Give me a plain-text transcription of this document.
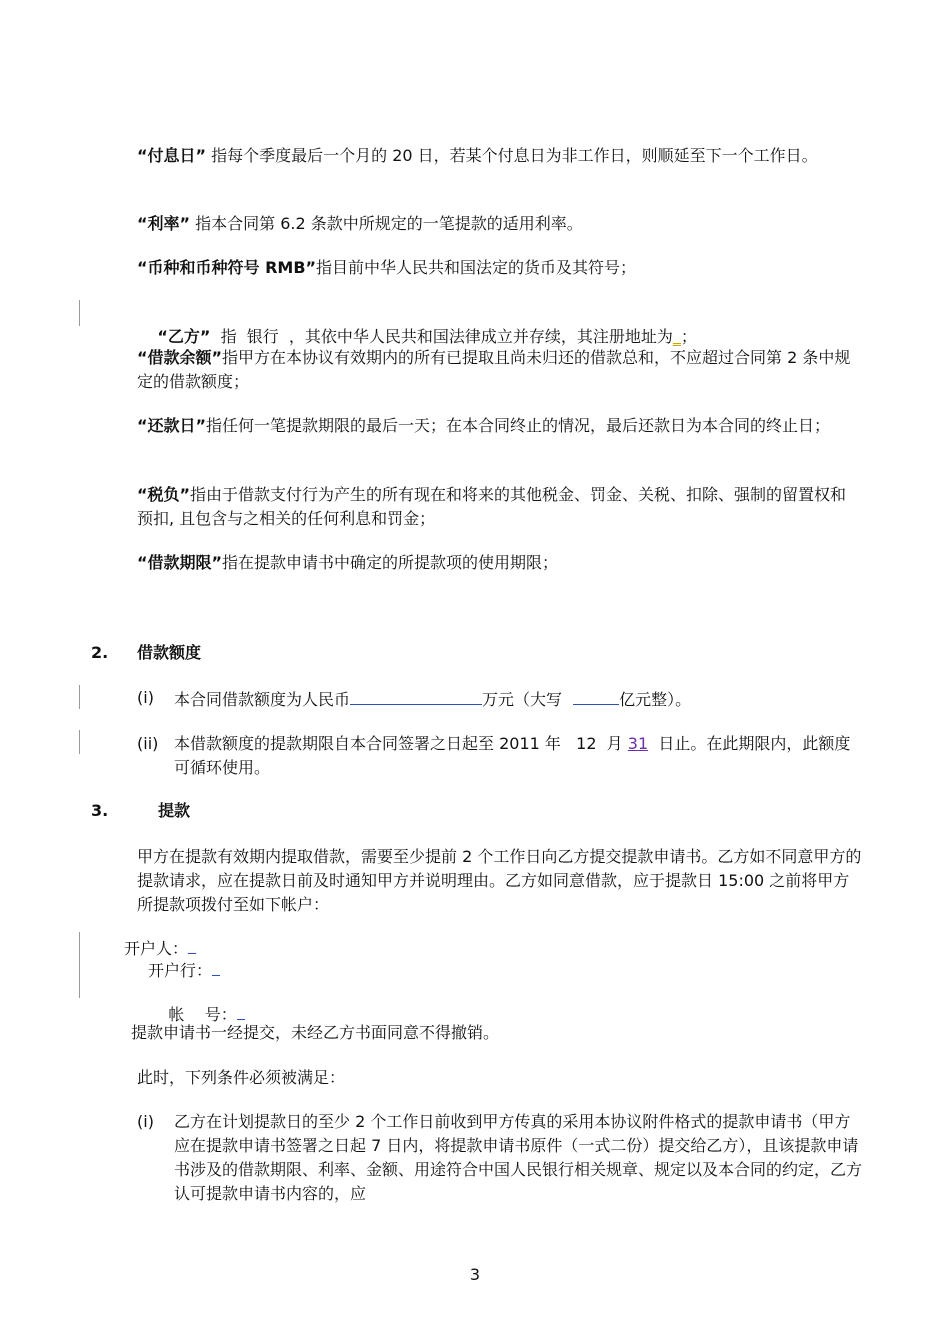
“付息日” 指每个季度最后一个月的 20 日，若某个付息日为非工作日，则顺延至下一个工作日。

“利率” 指本合同第 6.2 条款中所规定的一笔提款的适用利率。

“币种和币种符号 RMB”指目前中华人民共和国法定的货币及其符号；

“乙方”  指  银行  ，其依中华人民共和国法律成立并存续，其注册地址为_；

“借款余额”指甲方在本协议有效期内的所有已提取且尚未归还的借款总和，不应超过合同第 2 条中规定的借款额度；

“还款日”指任何一笔提款期限的最后一天；在本合同终止的情况，最后还款日为本合同的终止日；

“税负”指由于借款支付行为产生的所有现在和将来的其他税金、罚金、关税、扣除、强制的留置权和预扣, 且包含与之相关的任何利息和罚金；

“借款期限”指在提款申请书中确定的所提款项的使用期限；

2. 借款额度
(i)	本合同借款额度为人民币	万元（大写	亿元整）。
(ii) 本借款额度的提款期限自本合同签署之日起至 2011 年   12  月 31  日止。在此期限内，此额度可循环使用。
3.	提款

甲方在提款有效期内提取借款，需要至少提前 2 个工作日向乙方提交提款申请书。乙方如不同意甲方的提款请求，应在提款日前及时通知甲方并说明理由。乙方如同意借款，应于提款日 15:00 之前将甲方所提款项拨付至如下帐户：

开户人：
开户行：

帐    号：

提款申请书一经提交，未经乙方书面同意不得撤销。

此时，下列条件必须被满足：

(i)	乙方在计划提款日的至少 2 个工作日前收到甲方传真的采用本协议附件格式的提款申请书（甲方应在提款申请书签署之日起 7 日内，将提款申请书原件（一式二份）提交给乙方），且该提款申请书涉及的借款期限、利率、金额、用途符合中国人民银行相关规章、规定以及本合同的约定，乙方认可提款申请书内容的，应
3
